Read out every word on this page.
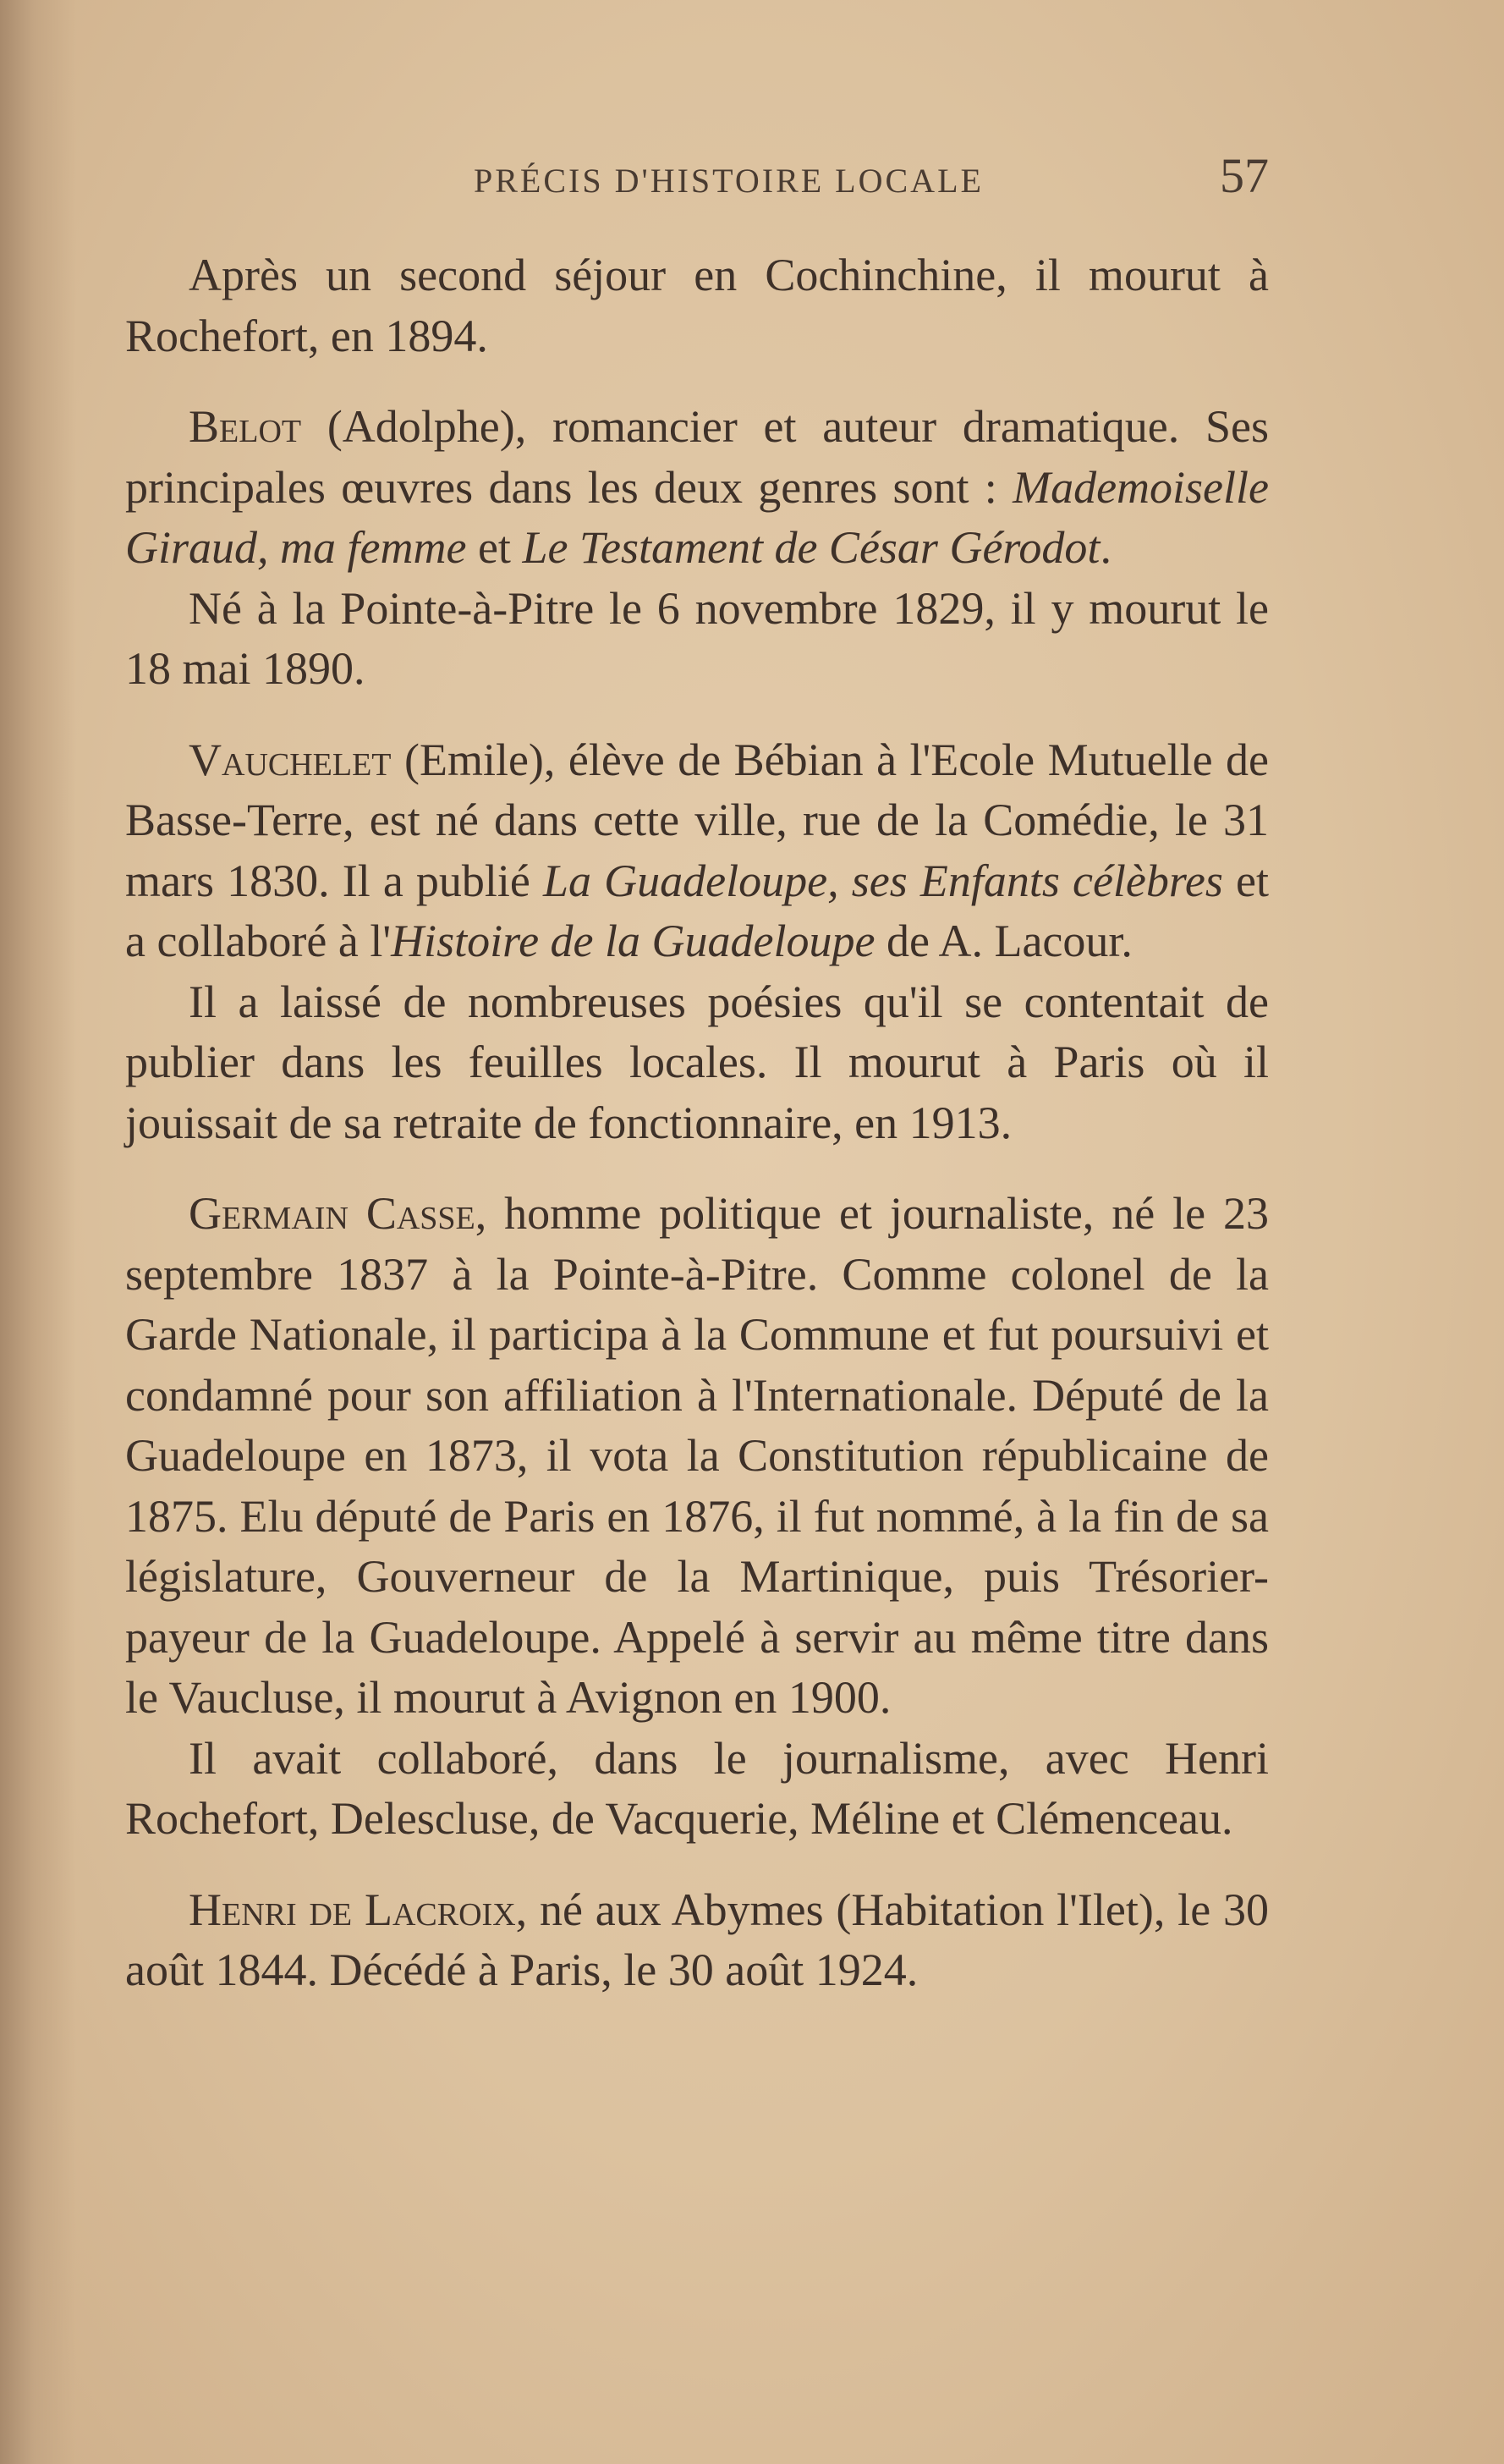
PRÉCIS D'HISTOIRE LOCALE	57

Après un second séjour en Cochinchine, il mourut à Rochefort, en 1894.

Belot (Adolphe), romancier et auteur dramatique. Ses principales œuvres dans les deux genres sont : Mademoiselle Giraud, ma femme et Le Testament de César Gérodot.

Né à la Pointe-à-Pitre le 6 novembre 1829, il y mourut le 18 mai 1890.

Vauchelet (Emile), élève de Bébian à l'Ecole Mutuelle de Basse-Terre, est né dans cette ville, rue de la Comédie, le 31 mars 1830. Il a publié La Guadeloupe, ses Enfants célèbres et a collaboré à l'Histoire de la Guadeloupe de A. Lacour.

Il a laissé de nombreuses poésies qu'il se contentait de publier dans les feuilles locales. Il mourut à Paris où il jouissait de sa retraite de fonctionnaire, en 1913.

Germain Casse, homme politique et journaliste, né le 23 septembre 1837 à la Pointe-à-Pitre. Comme colonel de la Garde Nationale, il participa à la Commune et fut poursuivi et condamné pour son affiliation à l'Internationale. Député de la Guadeloupe en 1873, il vota la Constitution républicaine de 1875. Elu député de Paris en 1876, il fut nommé, à la fin de sa législature, Gouverneur de la Martinique, puis Trésorier-payeur de la Guadeloupe. Appelé à servir au même titre dans le Vaucluse, il mourut à Avignon en 1900.

Il avait collaboré, dans le journalisme, avec Henri Rochefort, Delescluse, de Vacquerie, Méline et Clémenceau.

Henri de Lacroix, né aux Abymes (Habitation l'Ilet), le 30 août 1844. Décédé à Paris, le 30 août 1924.
